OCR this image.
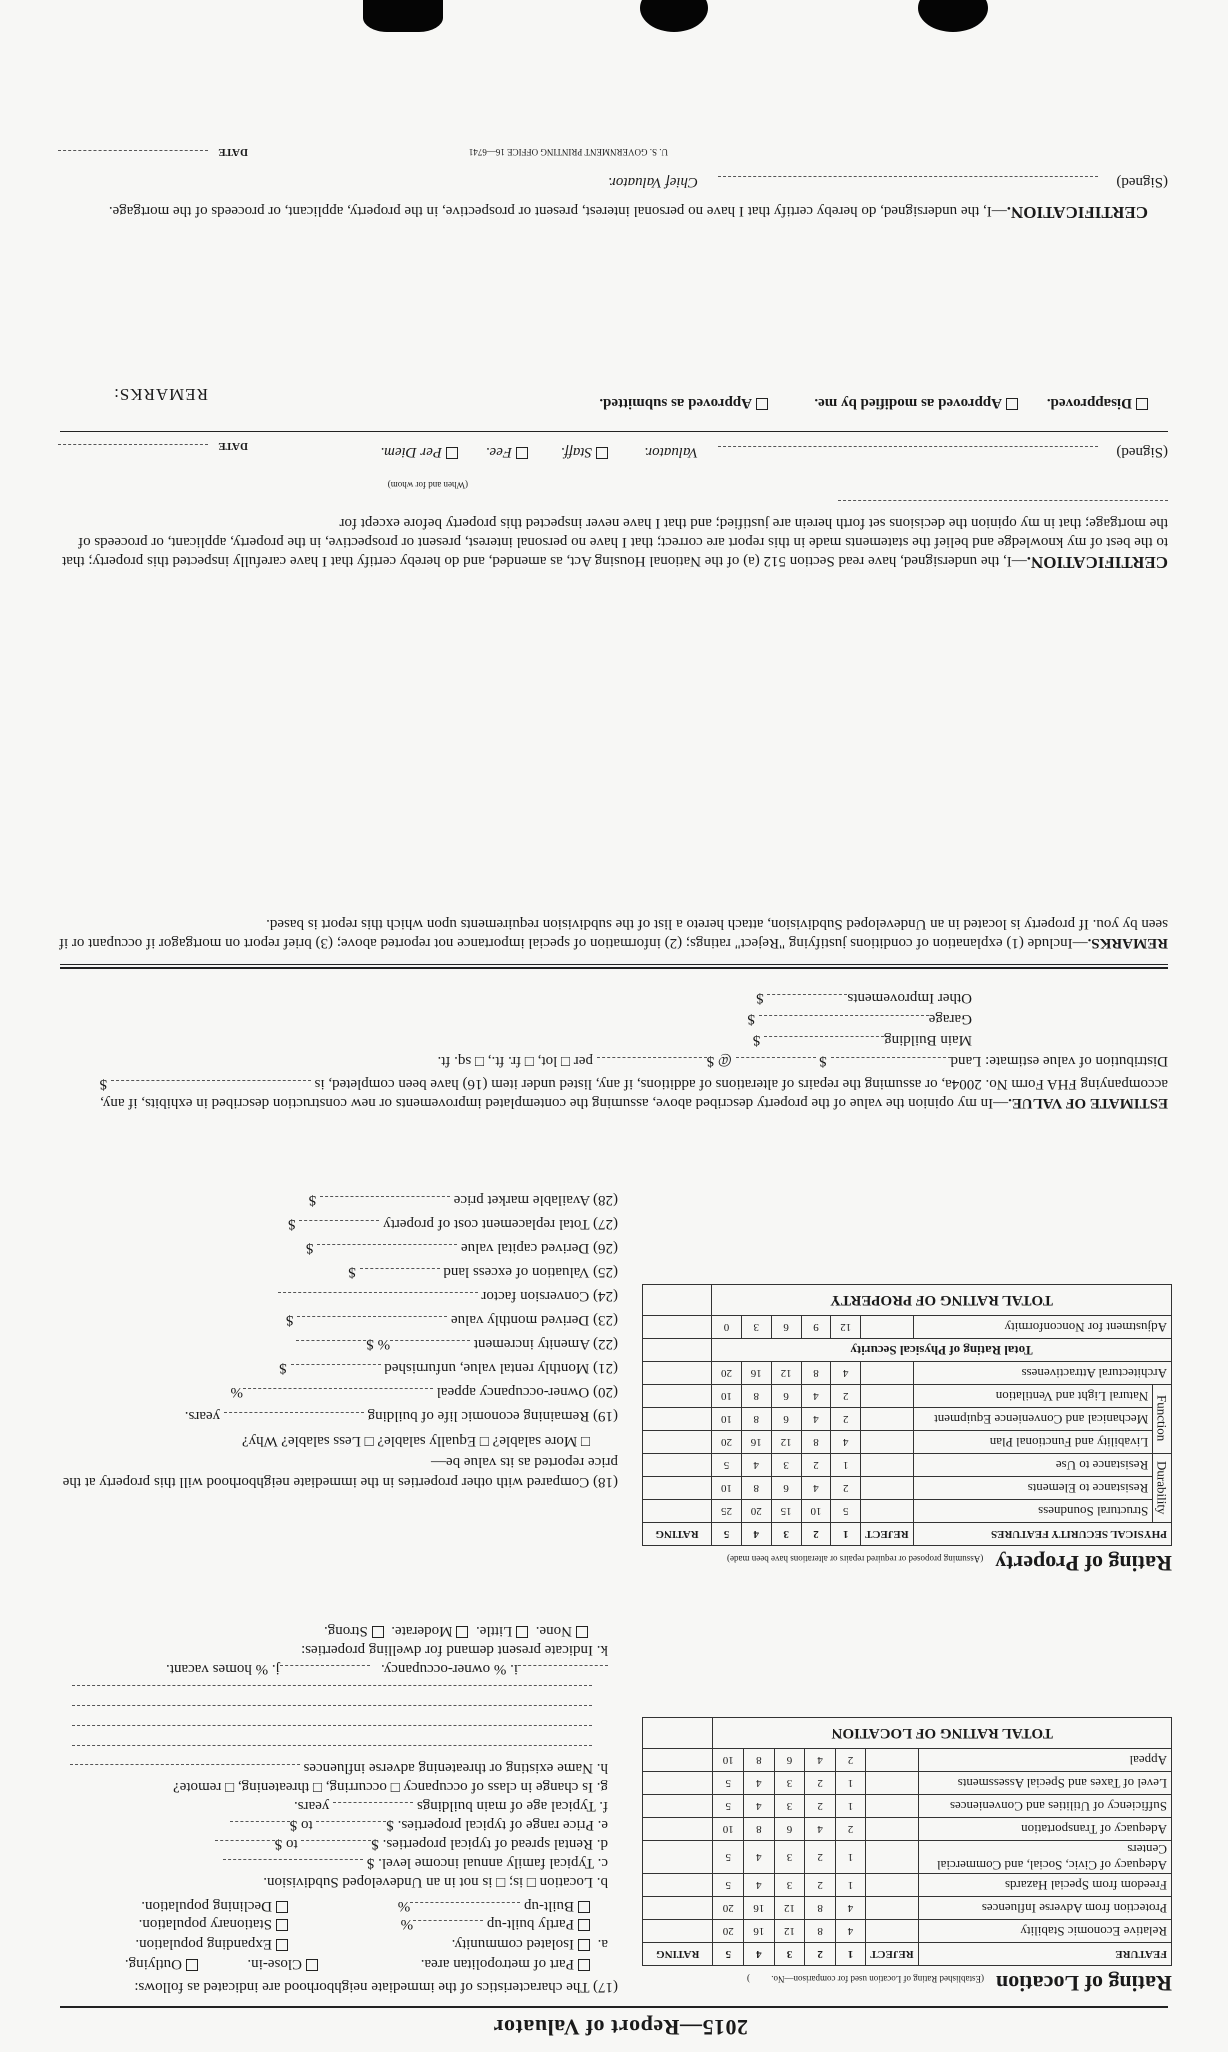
2015—Report of Valuator
Rating of Location (Established Rating of Location used for comparison—No. )
FEATURE	REJECT	1	2	3	4	5	RATING
Relative Economic Stability		4	8	12	16	20	
Protection from Adverse Influences		4	8	12	16	20	
Freedom from Special Hazards		1	2	3	4	5	
Adequacy of Civic, Social, and Commercial Centers		1	2	3	4	5	
Adequacy of Transportation		2	4	6	8	10	
Sufficiency of Utilities and Conveniences		1	2	3	4	5	
Level of Taxes and Special Assessments		1	2	3	4	5	
Appeal		2	4	6	8	10	
TOTAL RATING OF LOCATION							
(17) The characteristics of the immediate neighborhood are indicated as follows:
a.
Part of metropolitan area.
Isolated community.
Close-in.
Outlying.
Partly built-up %
Built-up %
Expanding population.
Stationary population.
Declining population.
b. Location □ is; □ is not in an Undeveloped Subdivision.
c. Typical family annual income level. $
d. Rental spread of typical properties. $ to $
e. Price range of typical properties. $ to $
f. Typical age of main buildings  years.
g. Is change in class of occupancy □ occurring, □ threatening, □ remote?
h. Name existing or threatening adverse influences
i. % owner-occupancy.   j. % homes vacant.
k. Indicate present demand for dwelling properties:
None.  Little.  Moderate.  Strong.
Rating of Property (Assuming proposed or required repairs or alterations have been made)
PHYSICAL SECURITY FEATURES		REJECT	1	2	3	4	5	RATING
Durability	Structural Soundness		5	10	15	20	25	
	Resistance to Elements		2	4	6	8	10	
	Resistance to Use		1	2	3	4	5	
Function	Livability and Functional Plan		4	8	12	16	20	
	Mechanical and Convenience Equipment		2	4	6	8	10	
	Natural Light and Ventilation		2	4	6	8	10	
Architectural Attractiveness			4	8	12	16	20	
Total Rating of Physical Security								
Adjustment for Nonconformity			12	9	6	3	0	
TOTAL RATING OF PROPERTY								
(18) Compared with other properties in the immediate neighborhood will this property at the price reported as its value be—
□ More salable? □ Equally salable? □ Less salable? Why?
(19) Remaining economic life of building  years.
(20) Owner-occupancy appeal %
(21) Monthly rental value, unfurnished  $
(22) Amenity increment % $
(23) Derived monthly value  $
(24) Conversion factor
(25) Valuation of excess land  $
(26) Derived capital value  $
(27) Total replacement cost of property  $
(28) Available market price  $
ESTIMATE OF VALUE.—In my opinion the value of the property described above, assuming the contemplated improvements or new construction described in exhibits, if any, accompanying FHA Form No. 2004a, or assuming the repairs of alterations of additions, if any, listed under item (16) have been completed, is  $
Distribution of value estimate: Land $  @ $ per □ lot, □ fr. ft., □ sq. ft.
Main Building $
Garage $
Other Improvements $
REMARKS.—Include (1) explanation of conditions justifying "Reject" ratings; (2) information of special importance not reported above; (3) brief report on mortgagor if occupant or if seen by you. If property is located in an Undeveloped Subdivision, attach hereto a list of the subdivision requirements upon which this report is based.
CERTIFICATION.—I, the undersigned, have read Section 512 (a) of the National Housing Act, as amended, and do hereby certify that I have carefully inspected this property; that to the best of my knowledge and belief the statements made in this report are correct; that I have no personal interest, present or prospective, in the property, applicant, or proceeds of the mortgage; that in my opinion the decisions set forth herein are justified; and that I have never inspected this property before except for
(When and for whom)
(Signed)
Valuator.
Staff.
Fee.
Per Diem.
DATE
Disapproved.
Approved as modified by me.
Approved as submitted.
REMARKS:
CERTIFICATION.—I, the undersigned, do hereby certify that I have no personal interest, present or prospective, in the property, applicant, or proceeds of the mortgage.
(Signed)
Chief Valuator.
U. S. GOVERNMENT PRINTING OFFICE 16—6741
DATE
